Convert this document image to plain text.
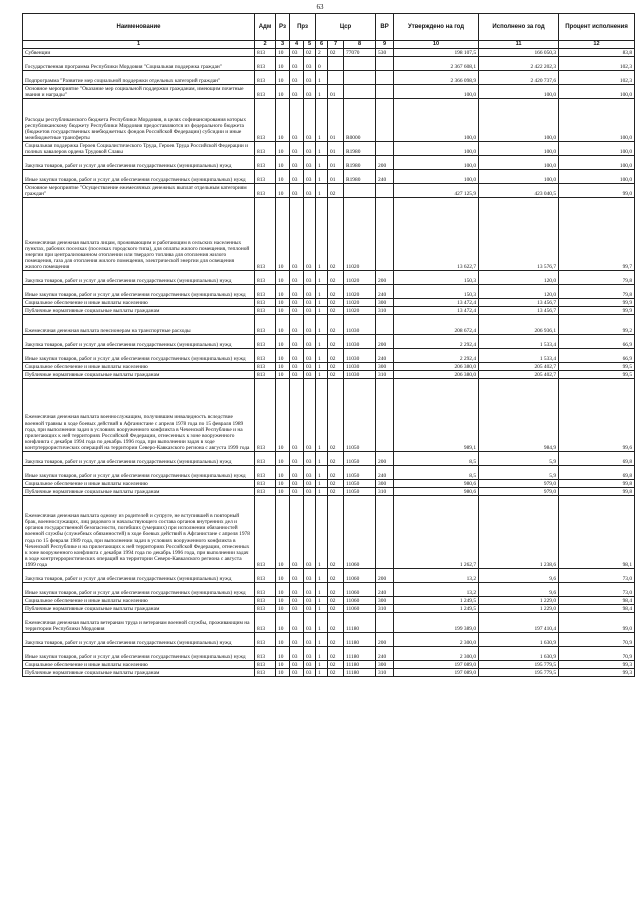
63
Наименование	Адм	Рз	Прз		Цср			ВР	Утверждено на год	Исполнено за год	Процент исполнения
1	2	3	4	5	6	7	8	9	10	11	12
Субвенции	813	10	03	02	2	02	77070	530	198 107,5	166 050,3	83,8
Государственная программа Республики Мордовия "Социальная поддержка граждан"	813	10	03	03	0				2 367 608,1	2 422 202,3	102,3
Подпрограмма "Развитие мер социальной поддержки отдельных категорий граждан"	813	10	03	03	1				2 366 098,9	2 420 737,6	102,3
Основное мероприятие "Оказание мер социальной поддержки гражданам, имеющим почетные звания и награды"	813	10	03	03	1	01			100,0	100,0	100,0
Расходы республиканского бюджета Республики Мордовия, в целях софинансирования которых республиканскому бюджету Республики Мордовия предоставляются из федерального бюджета (бюджетов государственных внебюджетных фондов Российской Федерации) субсидии и иные межбюджетные трансферты	813	10	03	03	1	01	R0000		100,0	100,0	100,0
Социальная поддержка Героев Социалистического Труда, Героев Труда Российской Федерации и полных кавалеров ордена Трудовой Славы	813	10	03	03	1	01	R1980		100,0	100,0	100,0
Закупка товаров, работ и услуг для обеспечения государственных (муниципальных) нужд	813	10	03	03	1	01	R1980	200	100,0	100,0	100,0
Иные закупки товаров, работ и услуг для обеспечения государственных (муниципальных) нужд	813	10	03	03	1	01	R1980	240	100,0	100,0	100,0
Основное мероприятие "Осуществление ежемесячных денежных выплат отдельным категориям граждан"	813	10	03	03	1	02			427 125,9	423 040,5	99,0
Ежемесячная денежная выплата лицам, проживающим и работающим в сельских населенных пунктах, рабочих поселках (поселках городского типа), для оплаты жилого помещения, теплоной энергии при централизованном отоплении или твердого топлива для отопления жилого помещения, газа для отопления жилого помещения, электрической энергии для освещения жилого помещения	813	10	03	03	1	02	11020		13 622,7	13 576,7	99,7
Закупка товаров, работ и услуг для обеспечения государственных (муниципальных) нужд	813	10	03	03	1	02	11020	200	150,3	120,0	79,8
Иные закупки товаров, работ и услуг для обеспечения государственных (муниципальных) нужд	813	10	03	03	1	02	11020	240	150,3	120,0	79,8
Социальное обеспечение и иные выплаты населению	813	10	03	03	1	02	11020	300	13 472,4	13 456,7	99,9
Публичные нормативные социальные выплаты гражданам	813	10	03	03	1	02	11020	310	13 472,4	13 456,7	99,9
Ежемесячная денежная выплата пенсионерам на транспортные расходы	813	10	03	03	1	02	11030		208 672,4	206 936,1	99,2
Закупка товаров, работ и услуг для обеспечения государственных (муниципальных) нужд	813	10	03	03	1	02	11030	200	2 292,4	1 533,4	66,9
Иные закупки товаров, работ и услуг для обеспечения государственных (муниципальных) нужд	813	10	03	03	1	02	11030	240	2 292,4	1 533,4	66,9
Социальное обеспечение и иные выплаты населению	813	10	03	03	1	02	11030	300	206 380,0	205 402,7	99,5
Публичные нормативные социальные выплаты гражданам	813	10	03	03	1	02	11030	310	206 380,0	205 402,7	99,5
Ежемесячная денежная выплата военнослужащим, получившим инвалидность вследствие военной травмы в ходе боевых действий в Афганистане с апреля 1978 года по 15 февраля 1989 года, при выполнении задач в условиях вооруженного конфликта в Чеченской Республике и на прилегающих к ней территориях Российской Федерации, отнесенных к зоне вооруженного конфликта с декабря 1994 года по декабрь 1996 года, при выполнении задач в ходе контртеррористических операций на территории Северо-Кавказского региона с августа 1999 года	813	10	03	03	1	02	11050		989,1	984,9	99,6
Закупка товаров, работ и услуг для обеспечения государственных (муниципальных) нужд	813	10	03	03	1	02	11050	200	8,5	5,9	69,8
Иные закупки товаров, работ и услуг для обеспечения государственных (муниципальных) нужд	813	10	03	03	1	02	11050	240	8,5	5,9	69,8
Социальное обеспечение и иные выплаты населению	813	10	03	03	1	02	11050	300	980,6	979,0	99,8
Публичные нормативные социальные выплаты гражданам	813	10	03	03	1	02	11050	310	980,6	979,0	99,8
Ежемесячная денежная выплата одному из родителей и супруге, не вступившей в повторный брак, военнослужащих, лиц рядового и начальствующего состава органов внутренних дел и органов государственной безопасности, погибших (умерших) при исполнении обязанностей военной службы (служебных обязанностей) в ходе боевых действий в Афганистане с апреля 1978 года по 15 февраля 1989 года, при выполнении задач в условиях вооруженного конфликта в Чеченской Республике и на прилегающих к ней территориях Российской Федерации, отнесенных к зоне вооруженного конфликта с декабря 1994 года по декабрь 1996 года, при выполнении задач в ходе контртеррористических операций на территории Северо-Кавказского региона с августа 1999 года	813	10	03	03	1	02	11060		1 262,7	1 238,6	98,1
Закупка товаров, работ и услуг для обеспечения государственных (муниципальных) нужд	813	10	03	03	1	02	11060	200	13,2	9,6	73,0
Иные закупки товаров, работ и услуг для обеспечения государственных (муниципальных) нужд	813	10	03	03	1	02	11060	240	13,2	9,6	73,0
Социальное обеспечение и иные выплаты населению	813	10	03	03	1	02	11060	300	1 249,5	1 229,0	98,4
Публичные нормативные социальные выплаты гражданам	813	10	03	03	1	02	11060	310	1 249,5	1 229,0	98,4
Ежемесячная денежная выплата ветеранам труда и ветеранам военной службы, проживающим на территории Республики Мордовия	813	10	03	03	1	02	11180		199 389,0	197 410,4	99,0
Закупка товаров, работ и услуг для обеспечения государственных (муниципальных) нужд	813	10	03	03	1	02	11180	200	2 300,0	1 630,9	70,9
Иные закупки товаров, работ и услуг для обеспечения государственных (муниципальных) нужд	813	10	03	03	1	02	11180	240	2 300,0	1 630,9	70,9
Социальное обеспечение и иные выплаты населению	813	10	03	03	1	02	11180	300	197 089,0	195 779,5	99,3
Публичные нормативные социальные выплаты гражданам	813	10	03	03	1	02	11180	310	197 089,0	195 779,5	99,3
